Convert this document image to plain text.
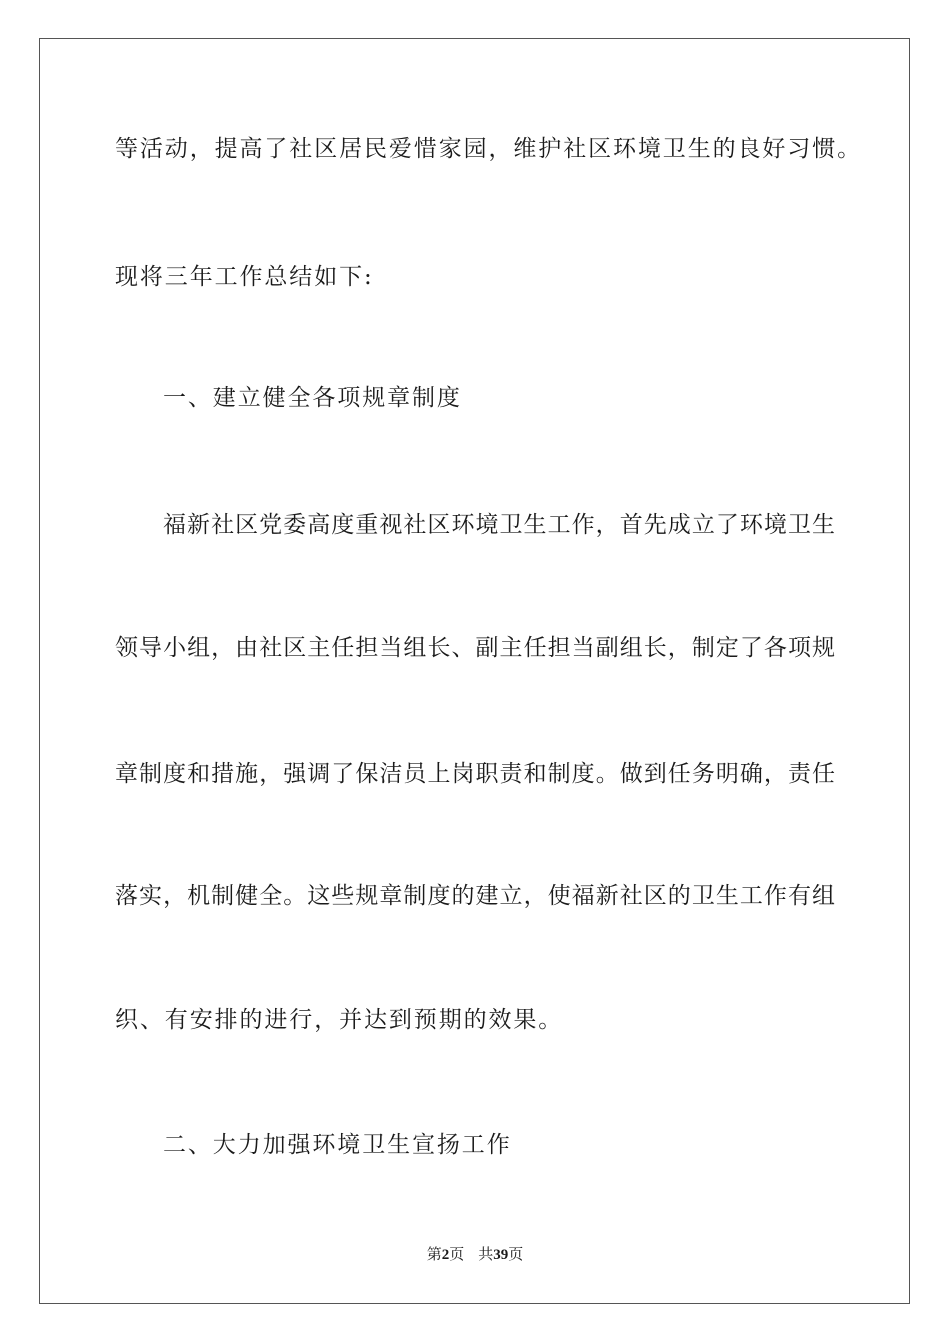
等活动，提高了社区居民爱惜家园，维护社区环境卫生的良好习惯。
现将三年工作总结如下:
一、建立健全各项规章制度
福新社区党委高度重视社区环境卫生工作，首先成立了环境卫生
领导小组，由社区主任担当组长、副主任担当副组长，制定了各项规
章制度和措施，强调了保洁员上岗职责和制度。做到任务明确，责任
落实，机制健全。这些规章制度的建立，使福新社区的卫生工作有组
织、有安排的进行，并达到预期的效果。
二、大力加强环境卫生宣扬工作
第2页 共39页
